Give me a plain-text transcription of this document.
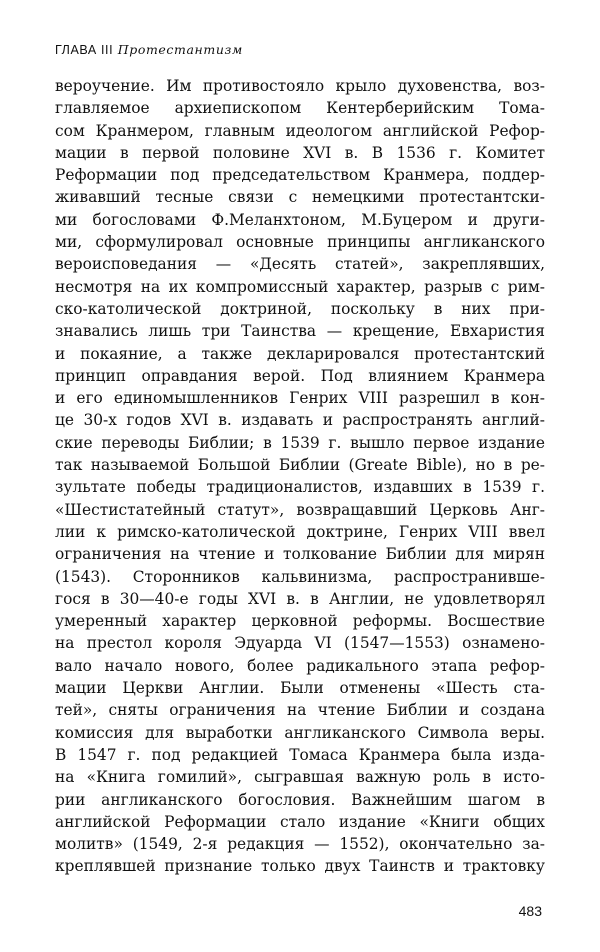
ГЛАВА III Протестантизм
вероучение. Им противостояло крыло духовенства, воз-
главляемое архиепископом Кентерберийским Тома-
сом Кранмером, главным идеологом английской Рефор-
мации в первой половине XVI в. В 1536 г. Комитет
Реформации под председательством Кранмера, поддер-
живавший тесные связи с немецкими протестантски-
ми богословами Ф.Меланхтоном, М.Буцером и други-
ми, сформулировал основные принципы англиканского
вероисповедания — «Десять статей», закреплявших,
несмотря на их компромиссный характер, разрыв с рим-
ско-католической доктриной, поскольку в них при-
знавались лишь три Таинства — крещение, Евхаристия
и покаяние, а также декларировался протестантский
принцип оправдания верой. Под влиянием Кранмера
и его единомышленников Генрих VIII разрешил в кон-
це 30-х годов XVI в. издавать и распространять англий-
ские переводы Библии; в 1539 г. вышло первое издание
так называемой Большой Библии (Greate Bible), но в ре-
зультате победы традиционалистов, издавших в 1539 г.
«Шестистатейный статут», возвращавший Церковь Анг-
лии к римско-католической доктрине, Генрих VIII ввел
ограничения на чтение и толкование Библии для мирян
(1543). Сторонников кальвинизма, распространивше-
гося в 30—40-е годы XVI в. в Англии, не удовлетворял
умеренный характер церковной реформы. Восшествие
на престол короля Эдуарда VI (1547—1553) ознамено-
вало начало нового, более радикального этапа рефор-
мации Церкви Англии. Были отменены «Шесть ста-
тей», сняты ограничения на чтение Библии и создана
комиссия для выработки англиканского Символа веры.
В 1547 г. под редакцией Томаса Кранмера была изда-
на «Книга гомилий», сыгравшая важную роль в исто-
рии англиканского богословия. Важнейшим шагом в
английской Реформации стало издание «Книги общих
молитв» (1549, 2-я редакция — 1552), окончательно за-
креплявшей признание только двух Таинств и трактовку
483
